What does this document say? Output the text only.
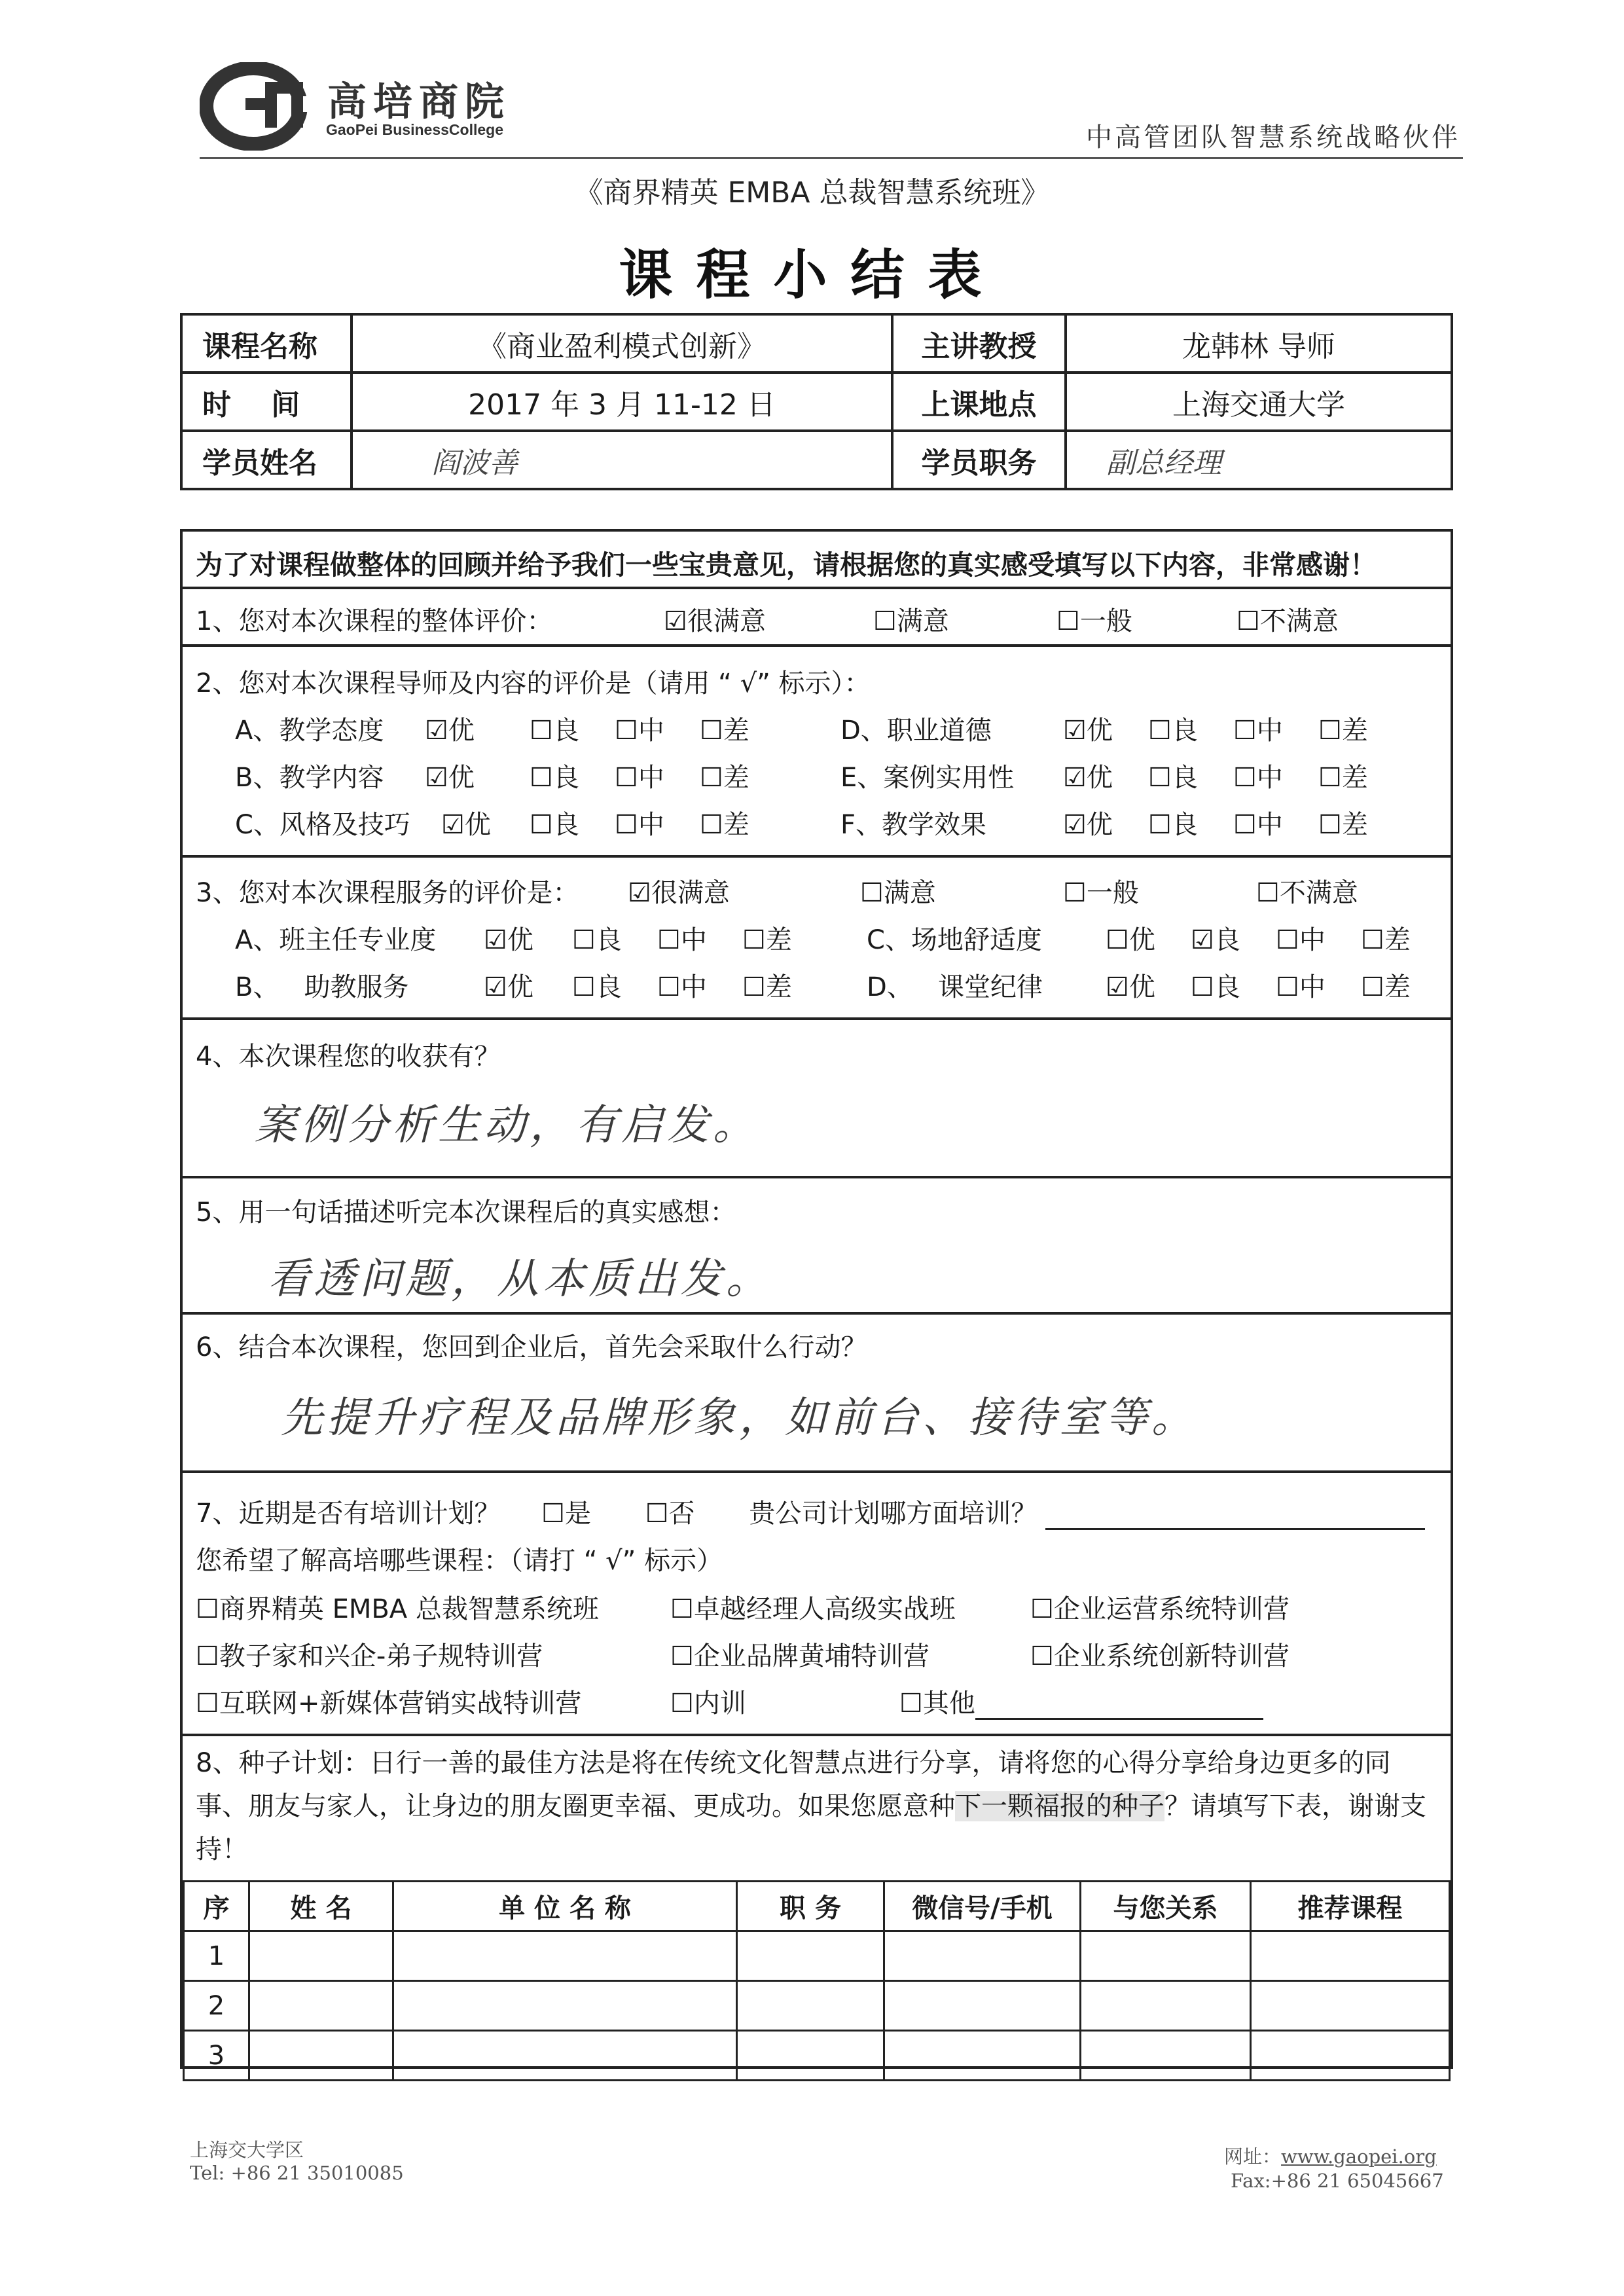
高培商院
GaoPei BusinessCollege	中高管团队智慧系统战略伙伴
《商界精英 EMBA 总裁智慧系统班》
课程小结表
课程名称	《商业盈利模式创新》	主讲教授	龙韩林 导师
时    间	2017 年 3 月 11-12 日	上课地点	上海交通大学
学员姓名	阎波善	学员职务	副总经理
为了对课程做整体的回顾并给予我们一些宝贵意见，请根据您的真实感受填写以下内容，非常感谢！
1、您对本次课程的整体评价：	☑很满意	☐满意	☐一般	☐不满意
2、您对本次课程导师及内容的评价是（请用 “ √” 标示）：
A、教学态度 ☑优 ☐良 ☐中 ☐差
B、教学内容 ☑优 ☐良 ☐中 ☐差
C、风格及技巧 ☑优 ☐良 ☐中 ☐差
D、职业道德	☑优 ☐良 ☐中 ☐差
E、案例实用性 ☑优 ☐良 ☐中 ☐差
F、教学效果	☑优 ☐良 ☐中 ☐差
3、您对本次课程服务的评价是： ☑很满意	☐满意	☐一般	☐不满意
A、班主任专业度 ☑优 ☐良 ☐中 ☐差
B、   助教服务	☑优 ☐良 ☐中 ☐差
C、场地舒适度 ☐优 ☑良 ☐中 ☐差
D、   课堂纪律 ☑优 ☐良 ☐中 ☐差
4、本次课程您的收获有？
案例分析生动，有启发。
5、用一句话描述听完本次课程后的真实感想：
看透问题，从本质出发。
6、结合本次课程，您回到企业后，首先会采取什么行动？
先提升疗程及品牌形象，如前台、接待室等。
7、近期是否有培训计划？ ☐是 ☐否 贵公司计划哪方面培训？
您希望了解高培哪些课程：（请打 “ √” 标示）
☐商界精英 EMBA 总裁智慧系统班	☐卓越经理人高级实战班	☐企业运营系统特训营
☐教子家和兴企-弟子规特训营	☐企业品牌黄埔特训营	☐企业系统创新特训营
☐互联网+新媒体营销实战特训营	☐内训	☐其他
8、种子计划：日行一善的最佳方法是将在传统文化智慧点进行分享，请将您的心得分享给身边更多的同事、朋友与家人，让身边的朋友圈更幸福、更成功。如果您愿意种下一颗福报的种子？请填写下表，谢谢支持！
序	姓 名	单 位 名 称	职 务	微信号/手机	与您关系	推荐课程
1						
2						
3						
上海交大学区
Tel: +86 21 35010085
网址：www.gaopei.org
Fax:+86 21 65045667
